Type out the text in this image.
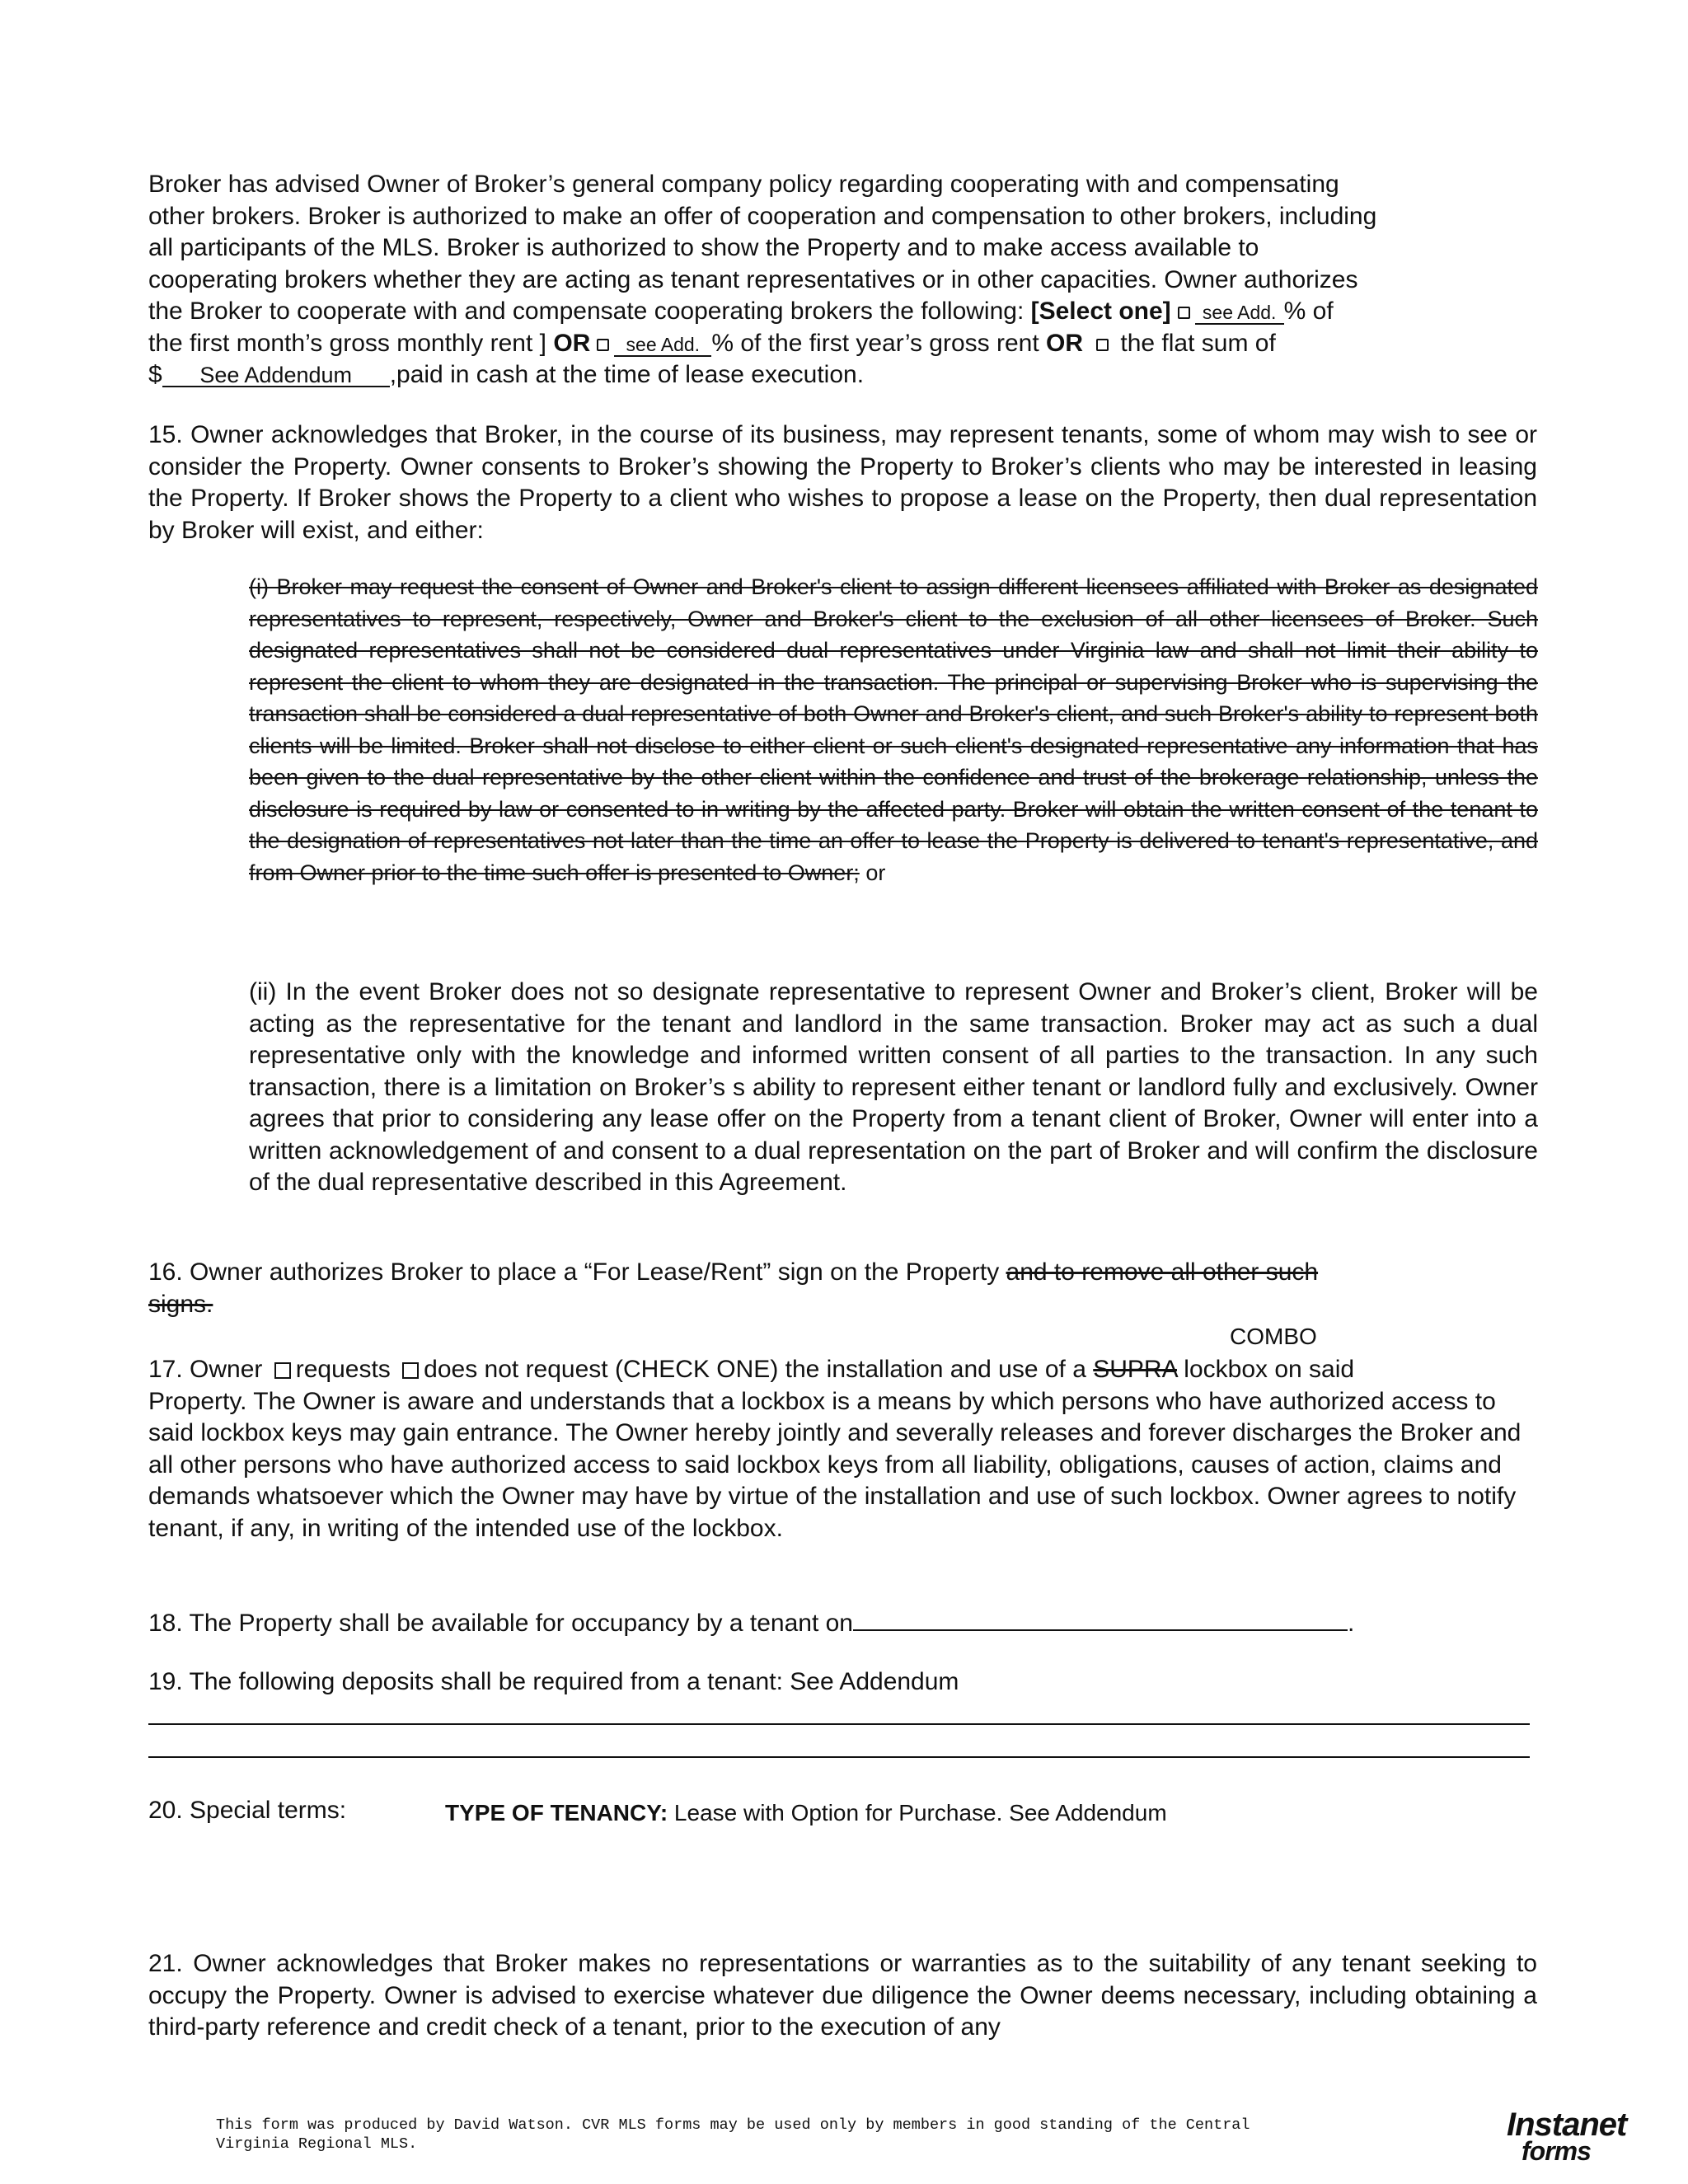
Broker has advised Owner of Broker’s general company policy regarding cooperating with and compensating
other brokers. Broker is authorized to make an offer of cooperation and compensation to other brokers, including
all participants of the MLS. Broker is authorized to show the Property and to make access available to
cooperating brokers whether they are acting as tenant representatives or in other capacities. Owner authorizes
the Broker to cooperate with and compensate cooperating brokers the following: [Select one] see Add. % of
the first month’s gross monthly rent ] OR see Add. % of the first year’s gross rent OR the flat sum of
$ See Addendum ,paid in cash at the time of lease execution.
15. Owner acknowledges that Broker, in the course of its business, may represent tenants, some of whom may wish to see or consider the Property. Owner consents to Broker’s showing the Property to Broker’s clients who may be interested in leasing the Property. If Broker shows the Property to a client who wishes to propose a lease on the Property, then dual representation by Broker will exist, and either:
(i) Broker may request the consent of Owner and Broker's client to assign different licensees affiliated with Broker as designated representatives to represent, respectively, Owner and Broker's client to the exclusion of all other licensees of Broker. Such designated representatives shall not be considered dual representatives under Virginia law and shall not limit their ability to represent the client to whom they are designated in the transaction. The principal or supervising Broker who is supervising the transaction shall be considered a dual representative of both Owner and Broker's client, and such Broker's ability to represent both clients will be limited. Broker shall not disclose to either client or such client's designated representative any information that has been given to the dual representative by the other client within the confidence and trust of the brokerage relationship, unless the disclosure is required by law or consented to in writing by the affected party. Broker will obtain the written consent of the tenant to the designation of representatives not later than the time an offer to lease the Property is delivered to tenant's representative, and from Owner prior to the time such offer is presented to Owner; or
(ii) In the event Broker does not so designate representative to represent Owner and Broker’s client, Broker will be acting as the representative for the tenant and landlord in the same transaction. Broker may act as such a dual representative only with the knowledge and informed written consent of all parties to the transaction. In any such transaction, there is a limitation on Broker’s s ability to represent either tenant or landlord fully and exclusively. Owner agrees that prior to considering any lease offer on the Property from a tenant client of Broker, Owner will enter into a written acknowledgement of and consent to a dual representation on the part of Broker and will confirm the disclosure of the dual representative described in this Agreement.
16. Owner authorizes Broker to place a “For Lease/Rent” sign on the Property and to remove all other such
signs.
COMBO
17. Owner requests does not request (CHECK ONE) the installation and use of a SUPRA lockbox on said
Property. The Owner is aware and understands that a lockbox is a means by which persons who have authorized access to said lockbox keys may gain entrance. The Owner hereby jointly and severally releases and forever discharges the Broker and all other persons who have authorized access to said lockbox keys from all liability, obligations, causes of action, claims and demands whatsoever which the Owner may have by virtue of the installation and use of such lockbox. Owner agrees to notify tenant, if any, in writing of the intended use of the lockbox.
18. The Property shall be available for occupancy by a tenant on	.
19. The following deposits shall be required from a tenant: See Addendum
20. Special terms:	TYPE OF TENANCY: Lease with Option for Purchase. See Addendum
21. Owner acknowledges that Broker makes no representations or warranties as to the suitability of any tenant seeking to occupy the Property. Owner is advised to exercise whatever due diligence the Owner deems necessary, including obtaining a third-party reference and credit check of a tenant, prior to the execution of any
This form was produced by David Watson. CVR MLS forms may be used only by members in good standing of the Central
Virginia Regional MLS.
Instanet
forms
